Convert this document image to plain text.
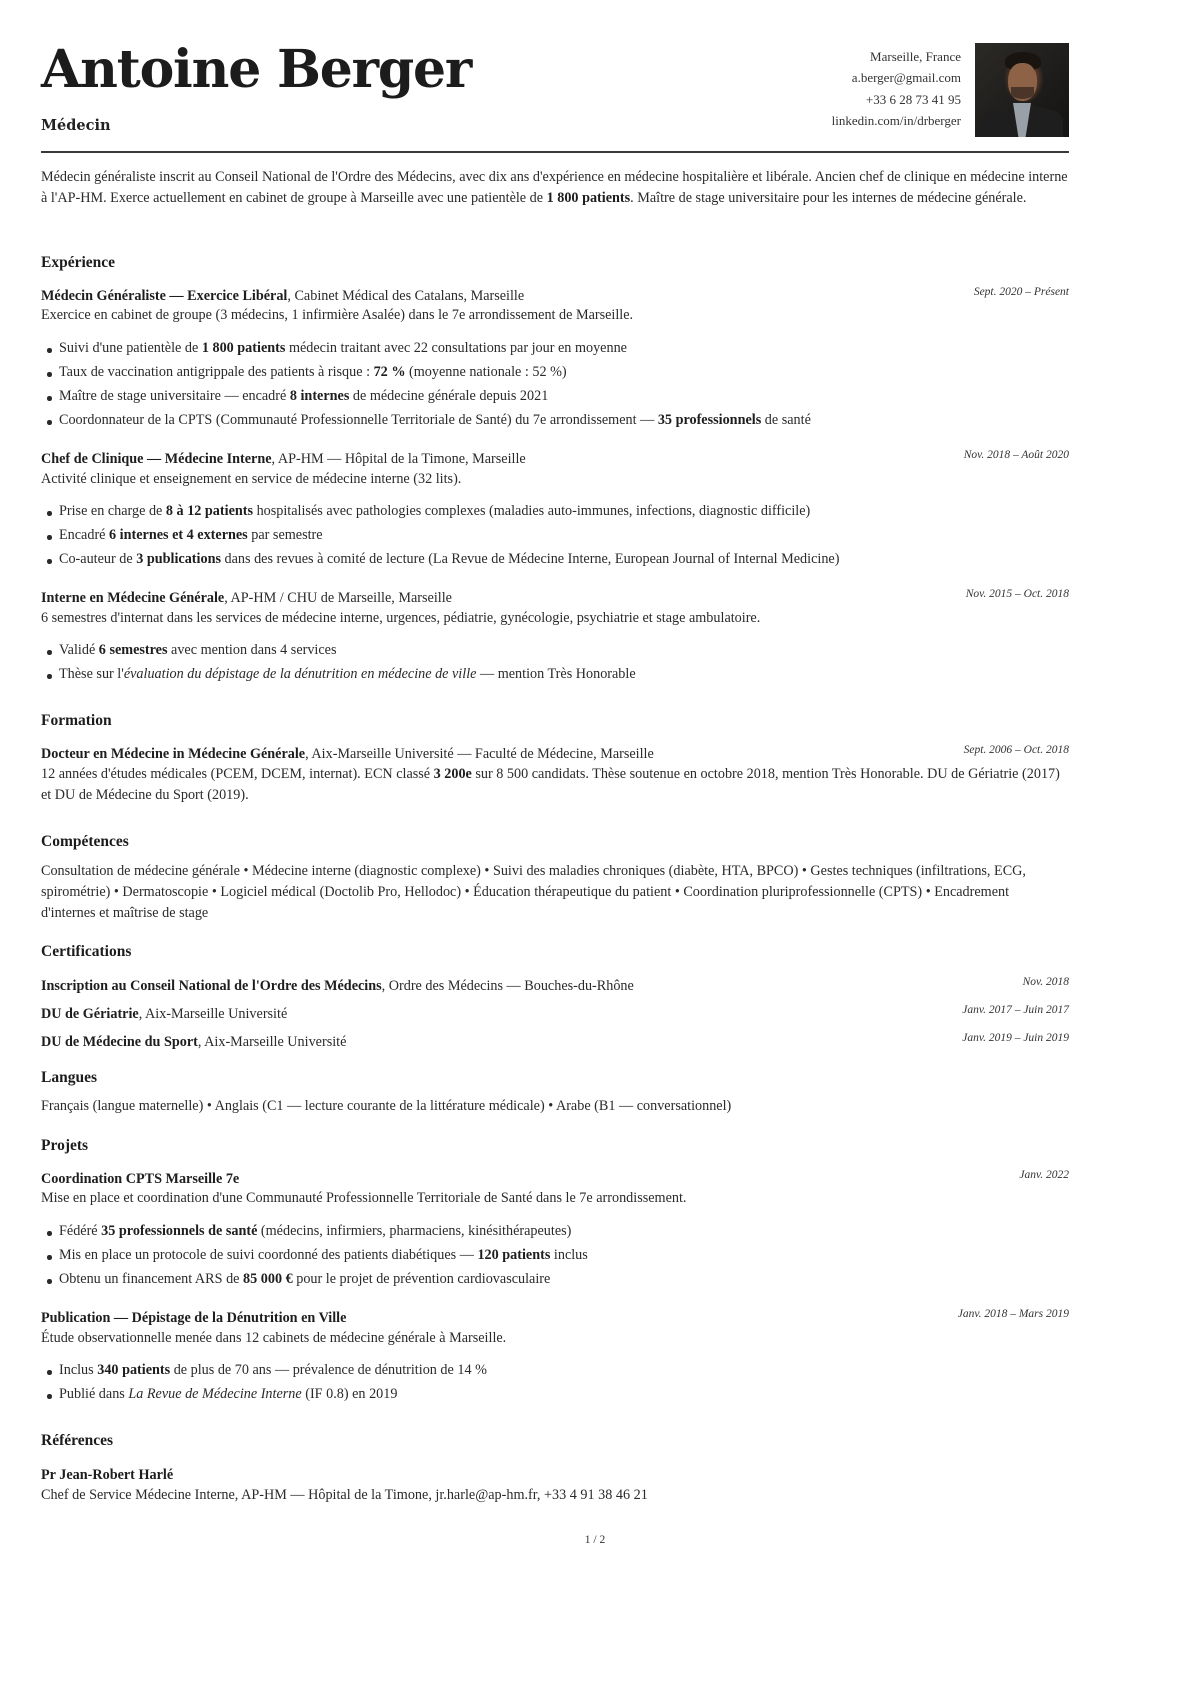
Antoine Berger
Médecin
Marseille, France
a.berger@gmail.com
+33 6 28 73 41 95
linkedin.com/in/drberger
Médecin généraliste inscrit au Conseil National de l'Ordre des Médecins, avec dix ans d'expérience en médecine hospitalière et libérale. Ancien chef de clinique en médecine interne à l'AP-HM. Exerce actuellement en cabinet de groupe à Marseille avec une patientèle de 1 800 patients. Maître de stage universitaire pour les internes de médecine générale.
Expérience
Médecin Généraliste — Exercice Libéral, Cabinet Médical des Catalans, Marseille	Sept. 2020 – Présent
Exercice en cabinet de groupe (3 médecins, 1 infirmière Asalée) dans le 7e arrondissement de Marseille.
Suivi d'une patientèle de 1 800 patients médecin traitant avec 22 consultations par jour en moyenne
Taux de vaccination antigrippale des patients à risque : 72 % (moyenne nationale : 52 %)
Maître de stage universitaire — encadré 8 internes de médecine générale depuis 2021
Coordonnateur de la CPTS (Communauté Professionnelle Territoriale de Santé) du 7e arrondissement — 35 professionnels de santé
Chef de Clinique — Médecine Interne, AP-HM — Hôpital de la Timone, Marseille	Nov. 2018 – Août 2020
Activité clinique et enseignement en service de médecine interne (32 lits).
Prise en charge de 8 à 12 patients hospitalisés avec pathologies complexes (maladies auto-immunes, infections, diagnostic difficile)
Encadré 6 internes et 4 externes par semestre
Co-auteur de 3 publications dans des revues à comité de lecture (La Revue de Médecine Interne, European Journal of Internal Medicine)
Interne en Médecine Générale, AP-HM / CHU de Marseille, Marseille	Nov. 2015 – Oct. 2018
6 semestres d'internat dans les services de médecine interne, urgences, pédiatrie, gynécologie, psychiatrie et stage ambulatoire.
Validé 6 semestres avec mention dans 4 services
Thèse sur l'évaluation du dépistage de la dénutrition en médecine de ville — mention Très Honorable
Formation
Docteur en Médecine in Médecine Générale, Aix-Marseille Université — Faculté de Médecine, Marseille	Sept. 2006 – Oct. 2018
12 années d'études médicales (PCEM, DCEM, internat). ECN classé 3 200e sur 8 500 candidats. Thèse soutenue en octobre 2018, mention Très Honorable. DU de Gériatrie (2017) et DU de Médecine du Sport (2019).
Compétences
Consultation de médecine générale • Médecine interne (diagnostic complexe) • Suivi des maladies chroniques (diabète, HTA, BPCO) • Gestes techniques (infiltrations, ECG, spirométrie) • Dermatoscopie • Logiciel médical (Doctolib Pro, Hellodoc) • Éducation thérapeutique du patient • Coordination pluriprofessionnelle (CPTS) • Encadrement d'internes et maîtrise de stage
Certifications
Inscription au Conseil National de l'Ordre des Médecins, Ordre des Médecins — Bouches-du-Rhône	Nov. 2018
DU de Gériatrie, Aix-Marseille Université	Janv. 2017 – Juin 2017
DU de Médecine du Sport, Aix-Marseille Université	Janv. 2019 – Juin 2019
Langues
Français (langue maternelle) • Anglais (C1 — lecture courante de la littérature médicale) • Arabe (B1 — conversationnel)
Projets
Coordination CPTS Marseille 7e	Janv. 2022
Mise en place et coordination d'une Communauté Professionnelle Territoriale de Santé dans le 7e arrondissement.
Fédéré 35 professionnels de santé (médecins, infirmiers, pharmaciens, kinésithérapeutes)
Mis en place un protocole de suivi coordonné des patients diabétiques — 120 patients inclus
Obtenu un financement ARS de 85 000 € pour le projet de prévention cardiovasculaire
Publication — Dépistage de la Dénutrition en Ville	Janv. 2018 – Mars 2019
Étude observationnelle menée dans 12 cabinets de médecine générale à Marseille.
Inclus 340 patients de plus de 70 ans — prévalence de dénutrition de 14 %
Publié dans La Revue de Médecine Interne (IF 0.8) en 2019
Références
Pr Jean-Robert Harlé
Chef de Service Médecine Interne, AP-HM — Hôpital de la Timone, jr.harle@ap-hm.fr, +33 4 91 38 46 21
1 / 2
